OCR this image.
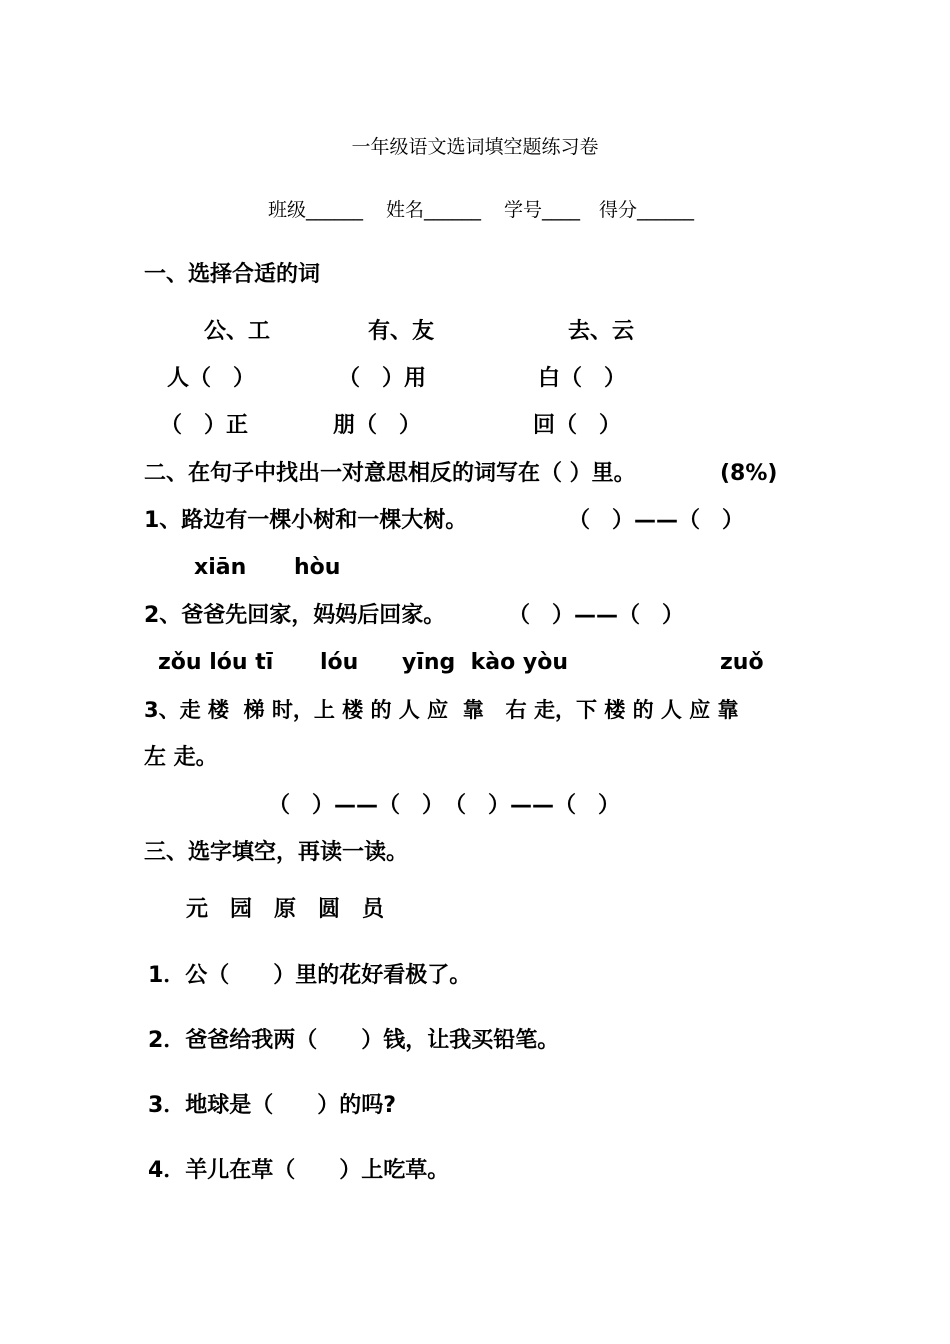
一年级语文选词填空题练习卷
班级______ 姓名______ 学号____ 得分______
一、选择合适的词
公、工	有、友	去、云
人（　）	（　）用	白（　）
（　）正	朋（　）	回（　）
二、在句子中找出一对意思相反的词写在（ ）里。	(8%)
1、路边有一棵小树和一棵大树。	（　）——（　）
xiān hòu
2、爸爸先回家，妈妈后回家。	（　）——（　）
zǒu lóu tī lóu yīng  kào yòu	zuǒ
3、走 楼  梯 时，上 楼 的 人 应  靠   右 走，下 楼 的 人 应 靠
左 走。
（　）——（　）　（　）——（　）
三、选字填空，再读一读。
元　园　原　圆　员
1．公（　　）里的花好看极了。
2．爸爸给我两（　　）钱，让我买铅笔。
3．地球是（　　）的吗?
4．羊儿在草（　　）上吃草。
